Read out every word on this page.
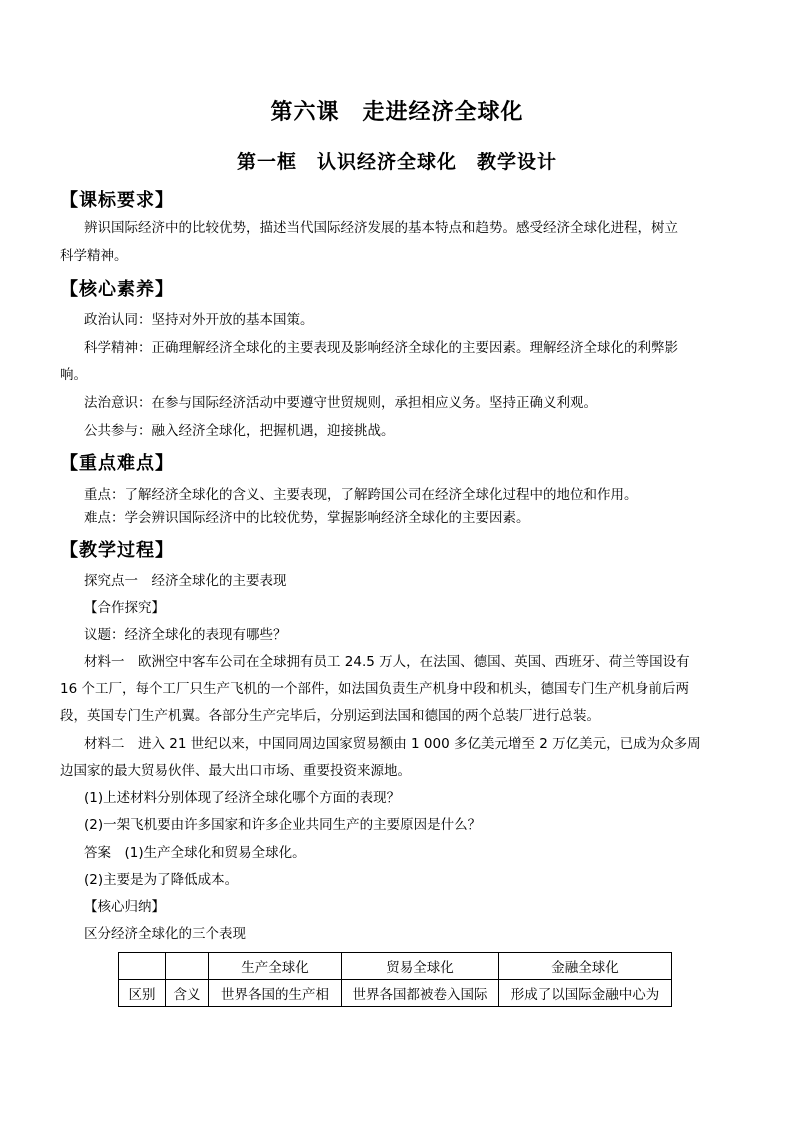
第六课　走进经济全球化
第一框　认识经济全球化　教学设计
【课标要求】
辨识国际经济中的比较优势，描述当代国际经济发展的基本特点和趋势。感受经济全球化进程，树立
科学精神。
【核心素养】
政治认同：坚持对外开放的基本国策。
科学精神：正确理解经济全球化的主要表现及影响经济全球化的主要因素。理解经济全球化的利弊影
响。
法治意识：在参与国际经济活动中要遵守世贸规则，承担相应义务。坚持正确义利观。
公共参与：融入经济全球化，把握机遇，迎接挑战。
【重点难点】
重点：了解经济全球化的含义、主要表现，了解跨国公司在经济全球化过程中的地位和作用。
难点：学会辨识国际经济中的比较优势，掌握影响经济全球化的主要因素。
【教学过程】
探究点一　经济全球化的主要表现
【合作探究】
议题：经济全球化的表现有哪些？
材料一　欧洲空中客车公司在全球拥有员工 24.5 万人，在法国、德国、英国、西班牙、荷兰等国设有
16 个工厂，每个工厂只生产飞机的一个部件，如法国负责生产机身中段和机头，德国专门生产机身前后两
段，英国专门生产机翼。各部分生产完毕后，分别运到法国和德国的两个总装厂进行总装。
材料二　进入 21 世纪以来，中国同周边国家贸易额由 1 000 多亿美元增至 2 万亿美元，已成为众多周
边国家的最大贸易伙伴、最大出口市场、重要投资来源地。
(1)上述材料分别体现了经济全球化哪个方面的表现？
(2)一架飞机要由许多国家和许多企业共同生产的主要原因是什么？
答案　(1)生产全球化和贸易全球化。
(2)主要是为了降低成本。
【核心归纳】
区分经济全球化的三个表现
		生产全球化	贸易全球化	金融全球化
区别	含义	世界各国的生产相	世界各国都被卷入国际	形成了以国际金融中心为
